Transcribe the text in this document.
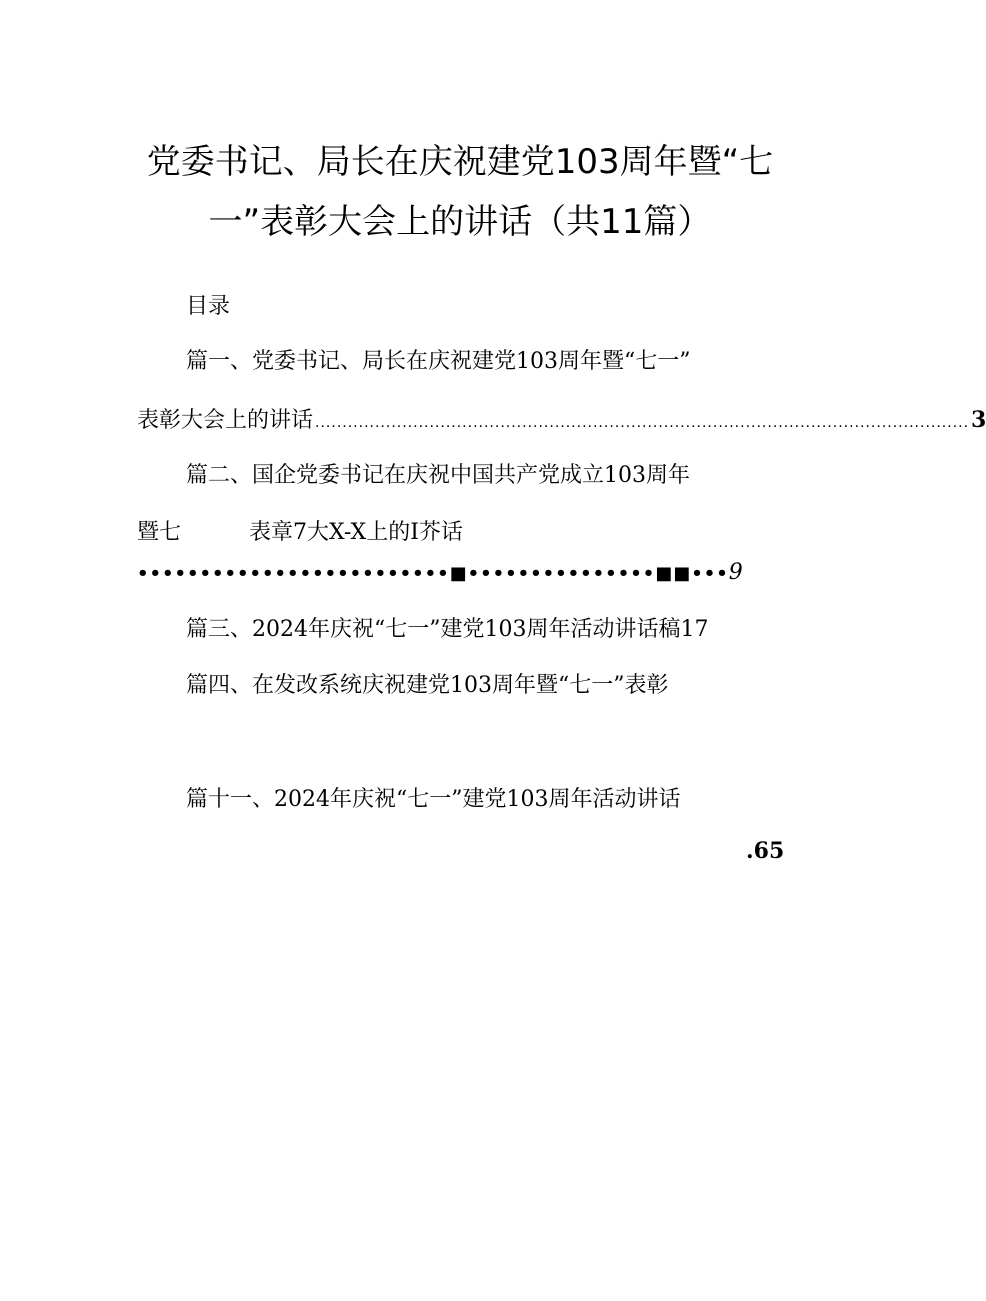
党委书记、局长在庆祝建党103周年暨“七
一”表彰大会上的讲话（共11篇）
目录
篇一、党委书记、局长在庆祝建党103周年暨“七一”
表彰大会上的讲话 ........................................................................................................................ 3
篇二、国企党委书记在庆祝中国共产党成立103周年
暨七	表章7大X-X上的I芥话
•••••••••••••••••••••••••■•••••••••••••••■■•••9
篇三、2024年庆祝“七一”建党103周年活动讲话稿17
篇四、在发改系统庆祝建党103周年暨“七一”表彰
篇十一、2024年庆祝“七一”建党103周年活动讲话
.65
